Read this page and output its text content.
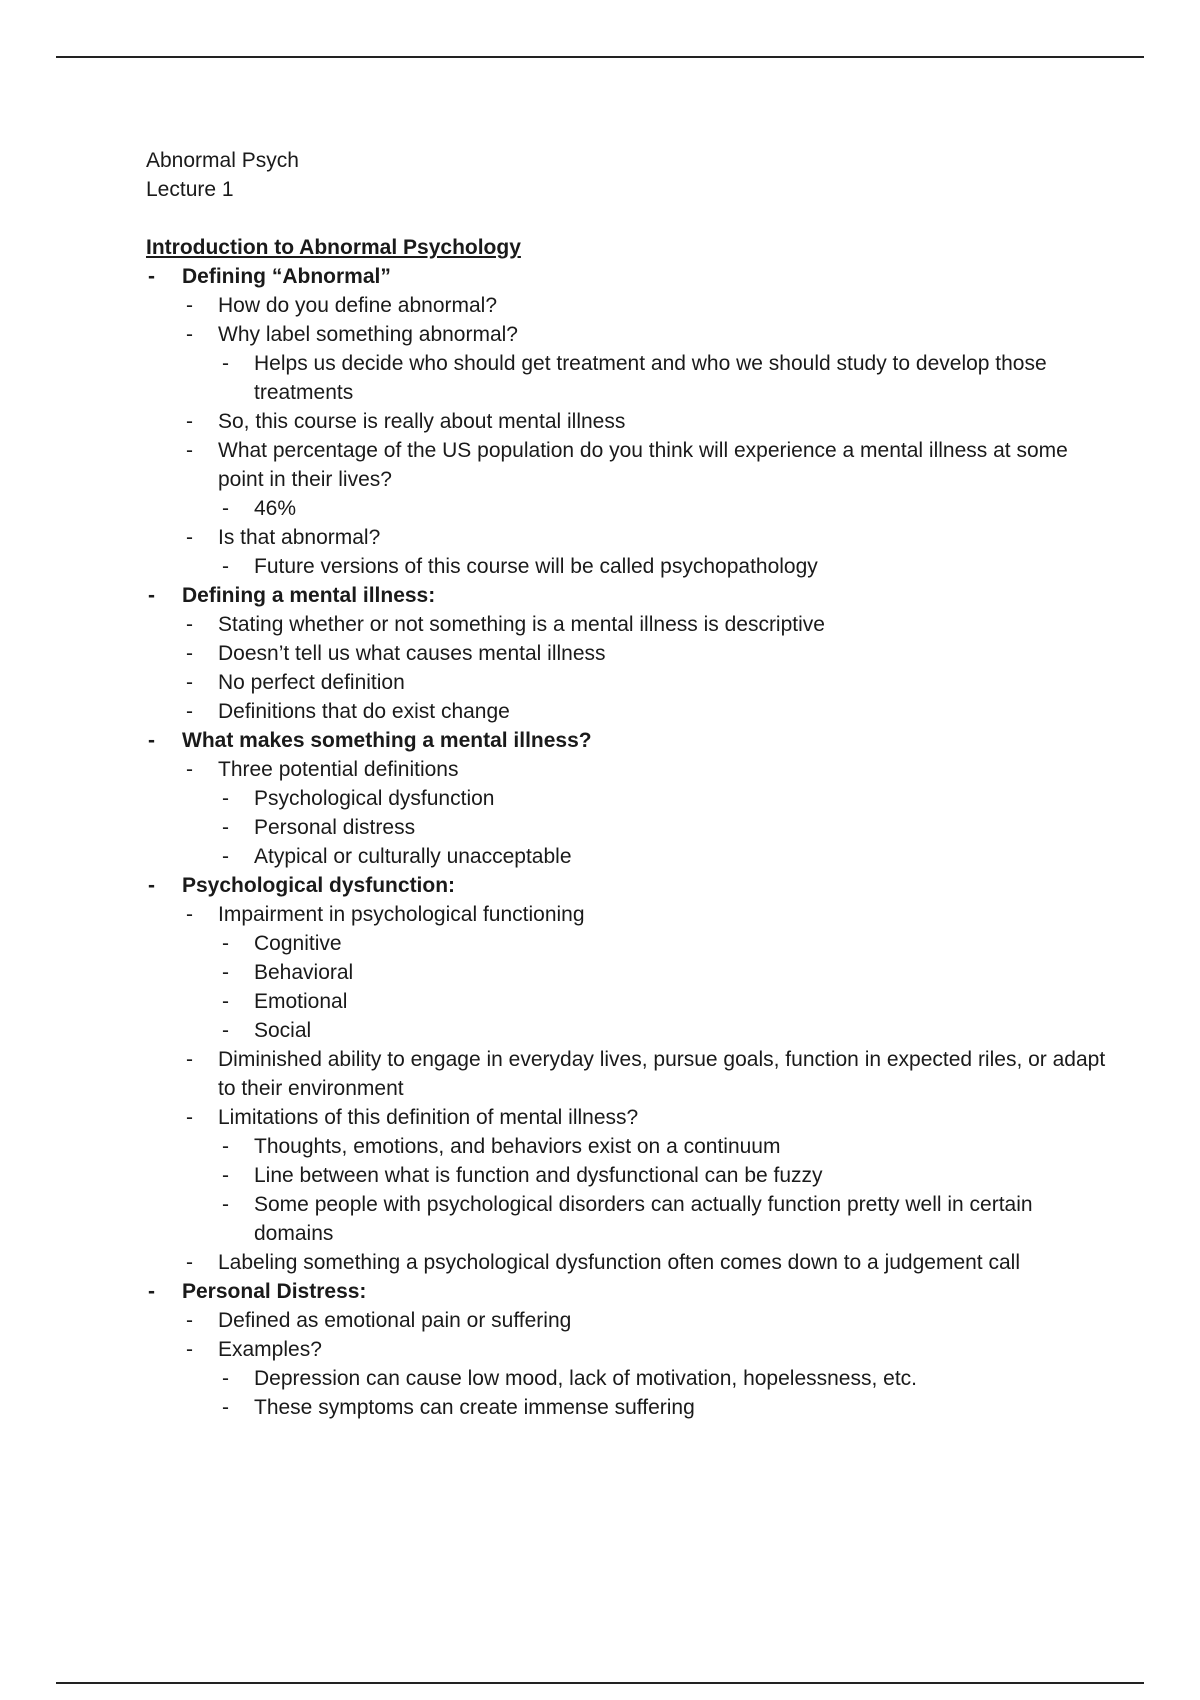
Abnormal Psych

Lecture 1

Introduction to Abnormal Psychology

- Defining “Abnormal”
- How do you define abnormal?
- Why label something abnormal?
- Helps us decide who should get treatment and who we should study to develop those treatments
- So, this course is really about mental illness
- What percentage of the US population do you think will experience a mental illness at some point in their lives?
- 46%
- Is that abnormal?
- Future versions of this course will be called psychopathology
- Defining a mental illness:
- Stating whether or not something is a mental illness is descriptive
- Doesn’t tell us what causes mental illness
- No perfect definition
- Definitions that do exist change
- What makes something a mental illness?
- Three potential definitions
- Psychological dysfunction
- Personal distress
- Atypical or culturally unacceptable
- Psychological dysfunction:
- Impairment in psychological functioning
- Cognitive
- Behavioral
- Emotional
- Social
- Diminished ability to engage in everyday lives, pursue goals, function in expected riles, or adapt to their environment
- Limitations of this definition of mental illness?
- Thoughts, emotions, and behaviors exist on a continuum
- Line between what is function and dysfunctional can be fuzzy
- Some people with psychological disorders can actually function pretty well in certain domains
- Labeling something a psychological dysfunction often comes down to a judgement call
- Personal Distress:
- Defined as emotional pain or suffering
- Examples?
- Depression can cause low mood, lack of motivation, hopelessness, etc.
- These symptoms can create immense suffering
